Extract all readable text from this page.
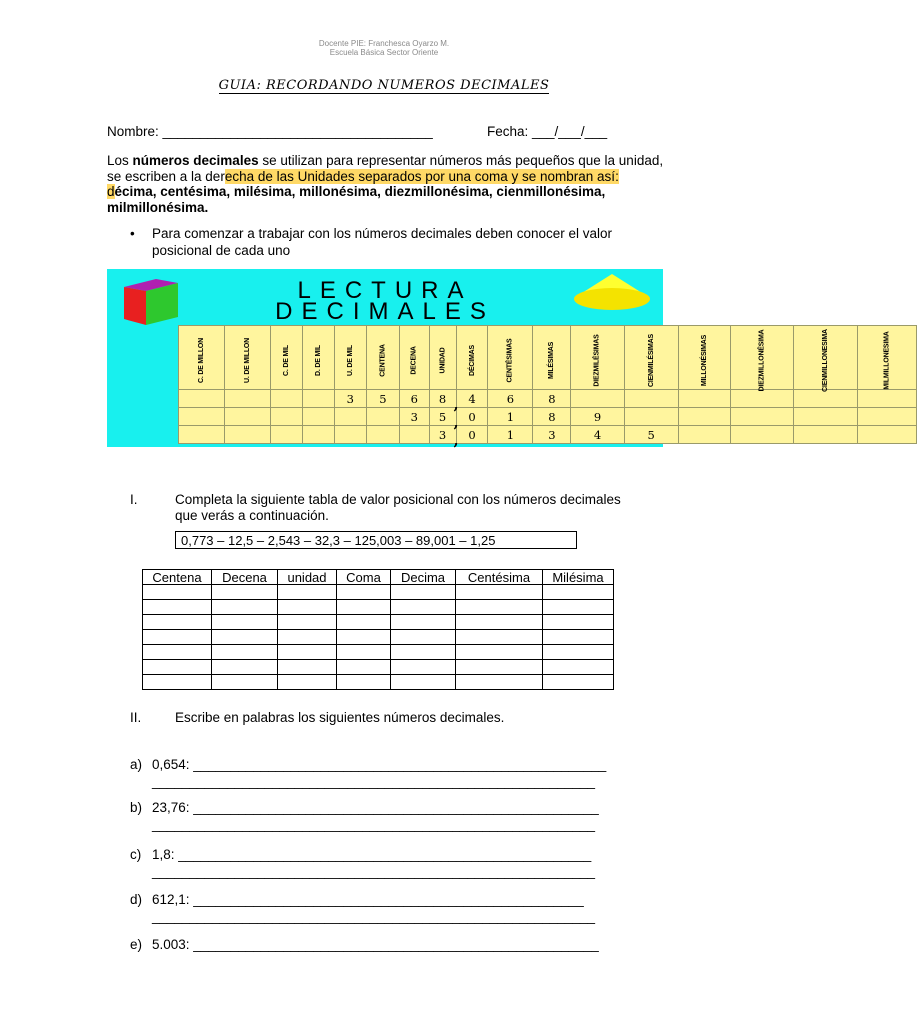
Docente PIE: Franchesca Oyarzo M.
Escuela Básica Sector Oriente
GUIA: RECORDANDO NUMEROS DECIMALES
Nombre: ____________________________________	Fecha: ___/___/___
Los números decimales se utilizan para representar números más pequeños que la unidad, se escriben a la derecha de las Unidades separados por una coma y se nombran así: décima, centésima, milésima, millonésima, diezmillonésima, cienmillonésima, milmillonésima.
• Para comenzar a trabajar con los números decimales deben conocer el valor posicional de cada uno
LECTURA
DECIMALES
C. DE MILLON	U. DE MILLON	C. DE MIL	D. DE MIL	U. DE MIL	CENTENA	DECENA	UNIDAD	DÉCIMAS	CENTÉSIMAS	MILÉSIMAS	DIEZMILÉSIMAS	CIENMILÉSIMAS	MILLONÉSIMAS	DIEZMILLONÉSIMA	CIENMILLONESIMA	MILMILLONESIMA
				3	5	6	8 ,	4	6	8						
						3	5 ,	0	1	8	9					
							3 ,	0	1	3	4	5				
I.	Completa la siguiente tabla de valor posicional con los números decimales que verás a continuación.
0,773 – 12,5 – 2,543 – 32,3 – 125,003 – 89,001 – 1,25
Centena	Decena	unidad	Coma	Decima	Centésima	Milésima

II. Escribe en palabras los siguientes números decimales.
a) 0,654: _______________________________________________________
___________________________________________________________
b) 23,76: ______________________________________________________
___________________________________________________________
c) 1,8: _______________________________________________________
___________________________________________________________
d) 612,1: ____________________________________________________
___________________________________________________________
e) 5.003: ______________________________________________________
